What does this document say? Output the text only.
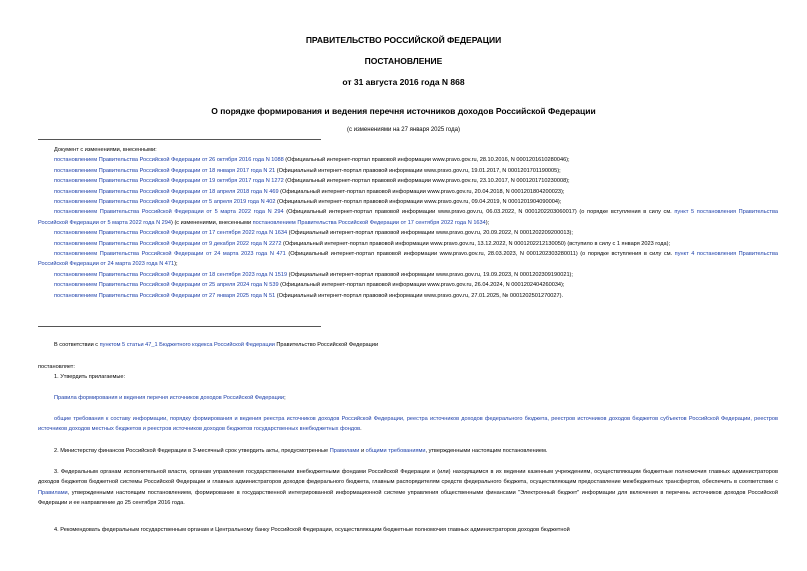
ПРАВИТЕЛЬСТВО РОССИЙСКОЙ ФЕДЕРАЦИИ
ПОСТАНОВЛЕНИЕ
от 31 августа 2016 года N 868
О порядке формирования и ведения перечня источников доходов Российской Федерации
(с изменениями на 27 января 2025 года)
Документ с изменениями, внесенными:
постановлением Правительства Российской Федерации от 26 октября 2016 года N 1088 (Официальный интернет-портал правовой информации www.pravo.gov.ru, 28.10.2016, N 0001201610280046);
постановлением Правительства Российской Федерации от 18 января 2017 года N 21 (Официальный интернет-портал правовой информации www.pravo.gov.ru, 19.01.2017, N 0001201701190005);
постановлением Правительства Российской Федерации от 19 октября 2017 года N 1272 (Официальный интернет-портал правовой информации www.pravo.gov.ru, 23.10.2017, N 0001201710230008);
постановлением Правительства Российской Федерации от 18 апреля 2018 года N 469 (Официальный интернет-портал правовой информации www.pravo.gov.ru, 20.04.2018, N 0001201804200023);
постановлением Правительства Российской Федерации от 5 апреля 2019 года N 402 (Официальный интернет-портал правовой информации www.pravo.gov.ru, 09.04.2019, N 0001201904090004);
постановлением Правительства Российской Федерации от 5 марта 2022 года N 294 (Официальный интернет-портал правовой информации www.pravo.gov.ru, 06.03.2022, N 0001202203060017) (о порядке вступления в силу см. пункт 5 постановления Правительства Российской Федерации от 5 марта 2022 года N 294) (с изменениями, внесенными постановлением Правительства Российской Федерации от 17 сентября 2022 года N 1634);
постановлением Правительства Российской Федерации от 17 сентября 2022 года N 1634 (Официальный интернет-портал правовой информации www.pravo.gov.ru, 20.09.2022, N 0001202209200013);
постановлением Правительства Российской Федерации от 9 декабря 2022 года N 2272 (Официальный интернет-портал правовой информации www.pravo.gov.ru, 13.12.2022, N 0001202212130050) (вступило в силу с 1 января 2023 года);
постановлением Правительства Российской Федерации от 24 марта 2023 года N 471 (Официальный интернет-портал правовой информации www.pravo.gov.ru, 28.03.2023, N 0001202303280011) (о порядке вступления в силу см. пункт 4 постановления Правительства Российской Федерации от 24 марта 2023 года N 471);
постановлением Правительства Российской Федерации от 18 сентября 2023 года N 1519 (Официальный интернет-портал правовой информации www.pravo.gov.ru, 19.09.2023, N 0001202309190021);
постановлением Правительства Российской Федерации от 25 апреля 2024 года N 539 (Официальный интернет-портал правовой информации www.pravo.gov.ru, 26.04.2024, N 0001202404260034);
постановлением Правительства Российской Федерации от 27 января 2025 года N 51 (Официальный интернет-портал правовой информации www.pravo.gov.ru, 27.01.2025, № 0001202501270027).
В соответствии с пунктом 5 статьи 47_1 Бюджетного кодекса Российской Федерации Правительство Российской Федерации
постановляет:
1. Утвердить прилагаемые:
Правила формирования и ведения перечня источников доходов Российской Федерации;
общие требования к составу информации, порядку формирования и ведения реестра источников доходов Российской Федерации, реестра источников доходов федерального бюджета, реестров источников доходов бюджетов субъектов Российской Федерации, реестров источников доходов местных бюджетов и реестров источников доходов бюджетов государственных внебюджетных фондов.
2. Министерству финансов Российской Федерации в 3-месячный срок утвердить акты, предусмотренные Правилами и общими требованиями, утвержденными настоящим постановлением.
3. Федеральным органам исполнительной власти, органам управления государственными внебюджетными фондами Российской Федерации и (или) находящимся в их ведении казенным учреждениям, осуществляющим бюджетные полномочия главных администраторов доходов бюджетов бюджетной системы Российской Федерации и главных администраторов доходов федерального бюджета, главным распорядителям средств федерального бюджета, осуществляющим предоставление межбюджетных трансфертов, обеспечить в соответствии с Правилами, утвержденными настоящим постановлением, формирование в государственной интегрированной информационной системе управления общественными финансами "Электронный бюджет" информации для включения в перечень источников доходов Российской Федерации и ее направление до 25 сентября 2016 года.
4. Рекомендовать федеральным государственным органам и Центральному банку Российской Федерации, осуществляющим бюджетные полномочия главных администраторов доходов бюджетной
